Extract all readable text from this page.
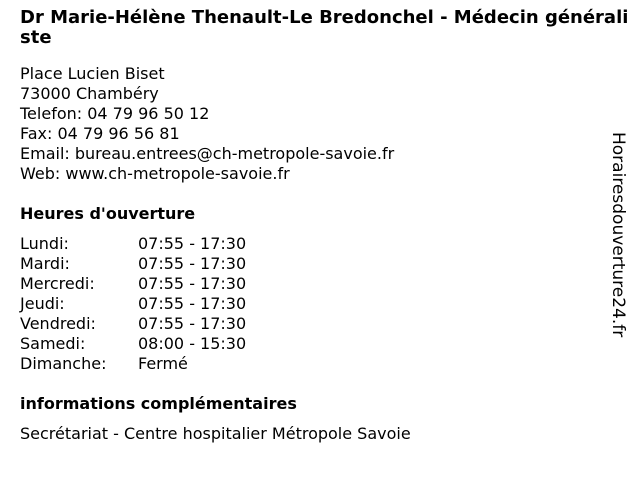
Dr Marie-Hélène Thenault-Le Bredonchel - Médecin généraliste
Place Lucien Biset
73000 Chambéry
Telefon: 04 79 96 50 12
Fax: 04 79 96 56 81
Email: bureau.entrees@ch-metropole-savoie.fr
Web: www.ch-metropole-savoie.fr
Heures d'ouverture
Lundi:	07:55 - 17:30
Mardi:	07:55 - 17:30
Mercredi:	07:55 - 17:30
Jeudi:	07:55 - 17:30
Vendredi:	07:55 - 17:30
Samedi:	08:00 - 15:30
Dimanche: Fermé
informations complémentaires
Secrétariat - Centre hospitalier Métropole Savoie
Horairesdouverture24.fr
